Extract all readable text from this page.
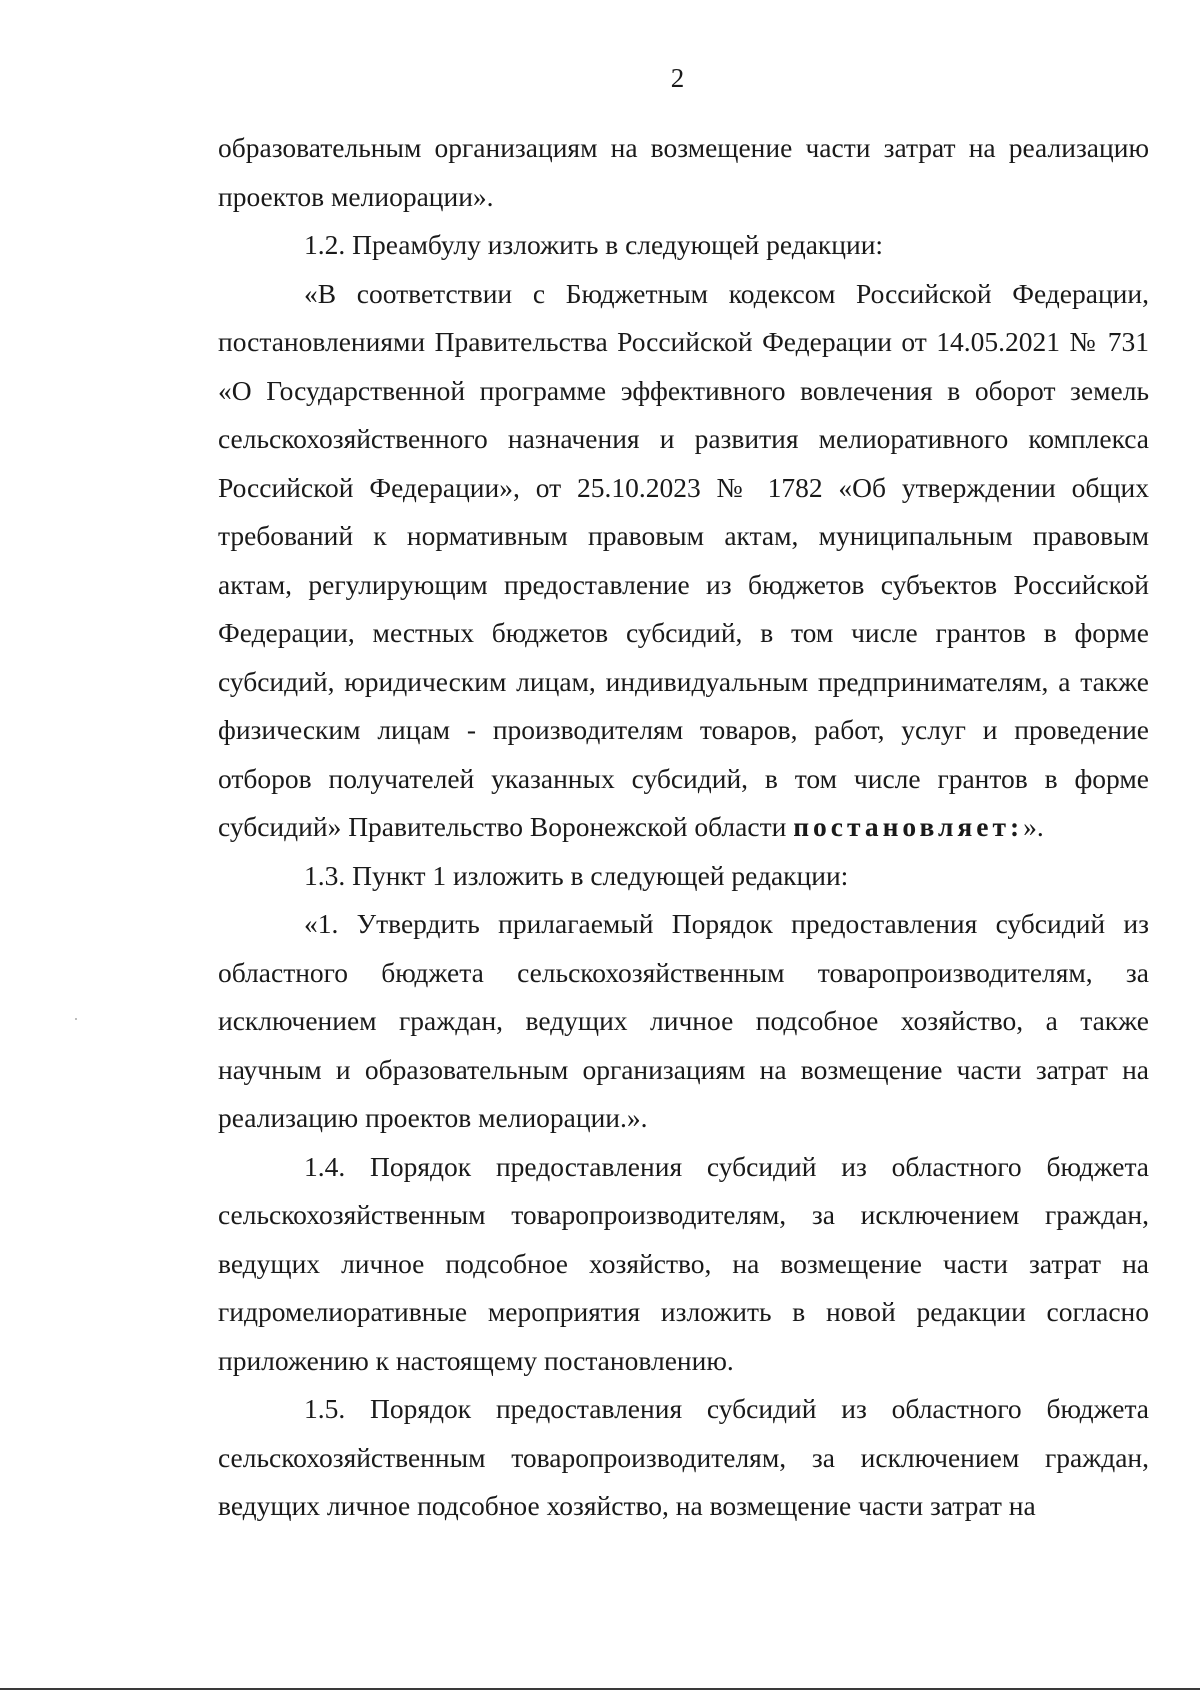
2

образовательным организациям на возмещение части затрат на реализацию проектов мелиорации».

1.2. Преамбулу изложить в следующей редакции:

«В соответствии с Бюджетным кодексом Российской Федерации, постановлениями Правительства Российской Федерации от 14.05.2021 № 731 «О Государственной программе эффективного вовлечения в оборот земель сельскохозяйственного назначения и развития мелиоративного комплекса Российской Федерации», от 25.10.2023 № 1782 «Об утверждении общих требований к нормативным правовым актам, муниципальным правовым актам, регулирующим предоставление из бюджетов субъектов Российской Федерации, местных бюджетов субсидий, в том числе грантов в форме субсидий, юридическим лицам, индивидуальным предпринимателям, а также физическим лицам - производителям товаров, работ, услуг и проведение отборов получателей указанных субсидий, в том числе грантов в форме субсидий» Правительство Воронежской области постановляет:».

1.3. Пункт 1 изложить в следующей редакции:

«1. Утвердить прилагаемый Порядок предоставления субсидий из областного бюджета сельскохозяйственным товаропроизводителям, за исключением граждан, ведущих личное подсобное хозяйство, а также научным и образовательным организациям на возмещение части затрат на реализацию проектов мелиорации.».

1.4. Порядок предоставления субсидий из областного бюджета сельскохозяйственным товаропроизводителям, за исключением граждан, ведущих личное подсобное хозяйство, на возмещение части затрат на гидромелиоративные мероприятия изложить в новой редакции согласно приложению к настоящему постановлению.

1.5. Порядок предоставления субсидий из областного бюджета сельскохозяйственным товаропроизводителям, за исключением граждан, ведущих личное подсобное хозяйство, на возмещение части затрат на
